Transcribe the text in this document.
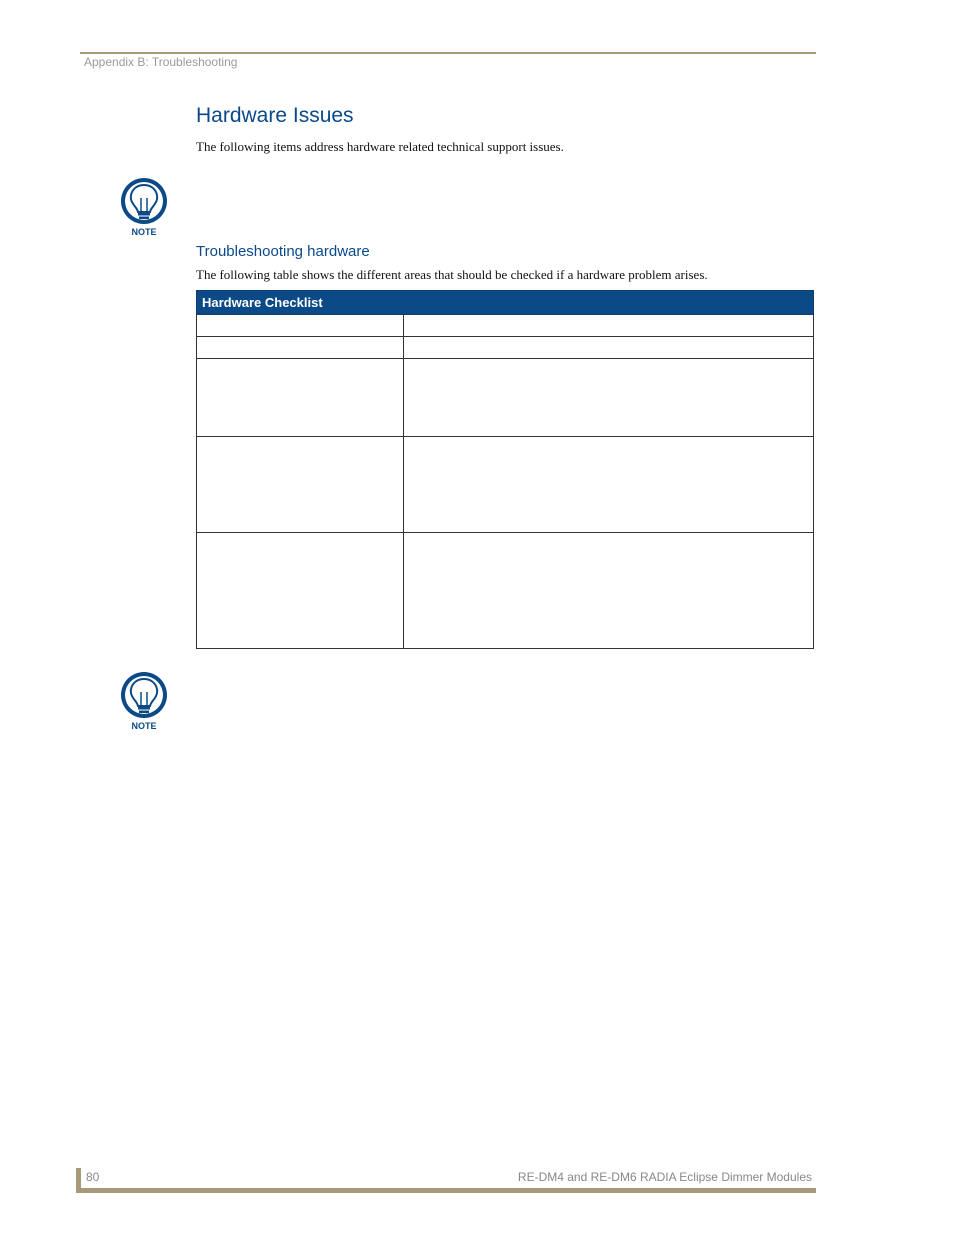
Appendix B: Troubleshooting
Hardware Issues

The following items address hardware related technical support issues.

NOTE
Troubleshooting hardware

The following table shows the different areas that should be checked if a hardware problem arises.

Hardware Checklist	

NOTE
80	RE-DM4 and RE-DM6 RADIA Eclipse Dimmer Modules
